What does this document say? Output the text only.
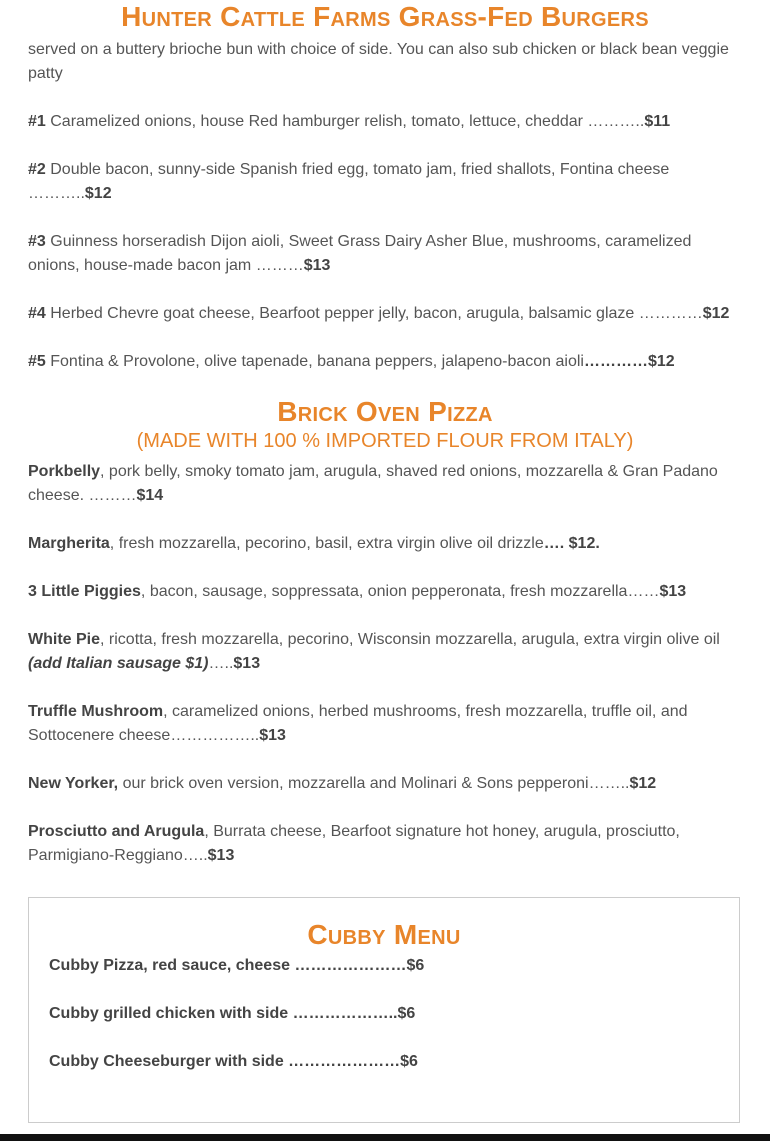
Hunter Cattle Farms Grass-Fed Burgers

served on a buttery brioche bun with choice of side. You can also sub chicken or black bean veggie patty

#1 Caramelized onions, house Red hamburger relish, tomato, lettuce, cheddar ………..$11

#2 Double bacon, sunny-side Spanish fried egg, tomato jam, fried shallots, Fontina cheese ………..$12

#3 Guinness horseradish Dijon aioli, Sweet Grass Dairy Asher Blue, mushrooms, caramelized onions, house-made bacon jam ………$13

#4 Herbed Chevre goat cheese, Bearfoot pepper jelly, bacon, arugula, balsamic glaze …………$12

#5 Fontina & Provolone, olive tapenade, banana peppers, jalapeno-bacon aioli…………$12

Brick Oven Pizza
(MADE WITH 100 % IMPORTED FLOUR FROM ITALY)

Porkbelly, pork belly, smoky tomato jam, arugula, shaved red onions, mozzarella & Gran Padano cheese. ………$14

Margherita, fresh mozzarella, pecorino, basil, extra virgin olive oil drizzle…. $12.

3 Little Piggies, bacon, sausage, soppressata, onion pepperonata, fresh mozzarella……$13

White Pie, ricotta, fresh mozzarella, pecorino, Wisconsin mozzarella, arugula, extra virgin olive oil (add Italian sausage $1)…..$13

Truffle Mushroom, caramelized onions, herbed mushrooms, fresh mozzarella, truffle oil, and Sottocenere cheese……………..$13

New Yorker, our brick oven version, mozzarella and Molinari & Sons pepperoni……..$12

Prosciutto and Arugula, Burrata cheese, Bearfoot signature hot honey, arugula, prosciutto, Parmigiano-Reggiano…..$13

Cubby Menu

Cubby Pizza, red sauce, cheese …………………$6

Cubby grilled chicken with side ………………..$6

Cubby Cheeseburger with side …………………$6
